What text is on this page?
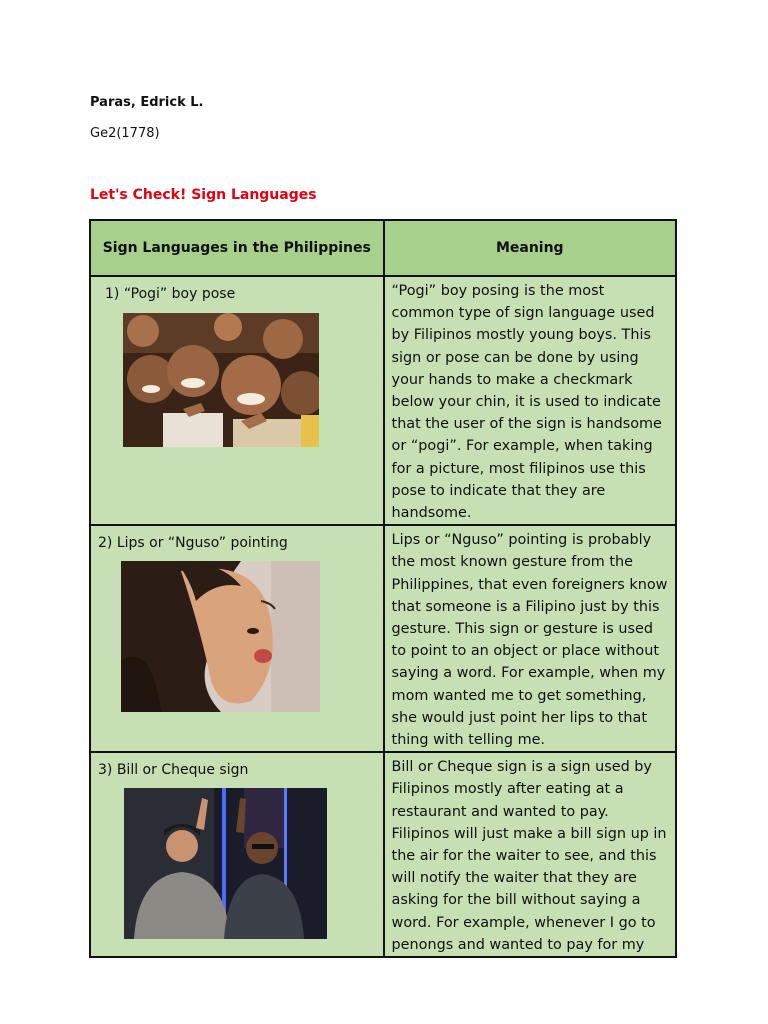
Paras, Edrick L.
Ge2(1778)
Let's Check! Sign Languages
Sign Languages in the Philippines	Meaning

1) “Pogi” boy pose	“Pogi” boy posing is the most common type of sign language used by Filipinos mostly young boys. This sign or pose can be done by using your hands to make a checkmark below your chin, it is used to indicate that the user of the sign is handsome or “pogi”. For example, when taking for a picture, most filipinos use this pose to indicate that they are handsome.

2) Lips or “Nguso” pointing	Lips or “Nguso” pointing is probably the most known gesture from the Philippines, that even foreigners know that someone is a Filipino just by this gesture. This sign or gesture is used to point to an object or place without saying a word. For example, when my mom wanted me to get something, she would just point her lips to that thing with telling me.

3) Bill or Cheque sign	Bill or Cheque sign is a sign used by Filipinos mostly after eating at a restaurant and wanted to pay. Filipinos will just make a bill sign up in the air for the waiter to see, and this will notify the waiter that they are asking for the bill without saying a word. For example, whenever I go to penongs and wanted to pay for my
